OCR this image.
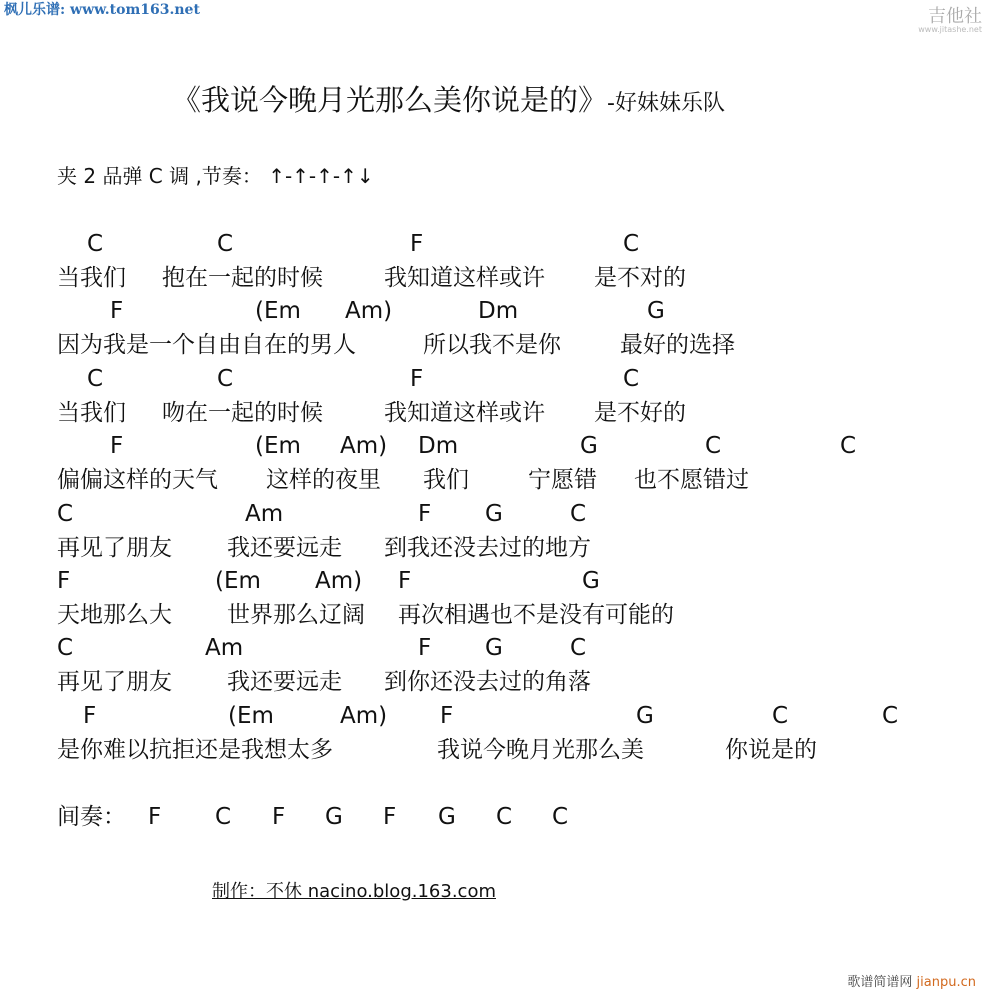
枫儿乐谱: www.tom163.net	吉他社
www.jitashe.net
《我说今晚月光那么美你说是的》-好妹妹乐队
夹 2 品弹 C 调 ,节奏： ↑-↑-↑-↑↓
制作：不休 nacino.blog.163.com
歌谱简谱网 jianpu.cn
C	C	F	C
当我们 抱在一起的时候	我知道这样或许 是不对的
F	(Em Am)	Dm	G
因为我是一个自由自在的男人	所以我不是你	最好的选择
C	C	F	C
当我们 吻在一起的时候	我知道这样或许 是不好的
F	(Em Am) Dm	G	C	C
偏偏这样的天气 这样的夜里 我们	宁愿错 也不愿错过
C	Am	F G	C
再见了朋友 我还要远走 到我还没去过的地方
F	(Em Am) F	G
天地那么大 世界那么辽阔 再次相遇也不是没有可能的
C	Am	F G	C
再见了朋友 我还要远走 到你还没去过的角落
F	(Em	Am) F	G	C	C
是你难以抗拒还是我想太多	我说今晚月光那么美	你说是的
间奏： F C F G F G C C
